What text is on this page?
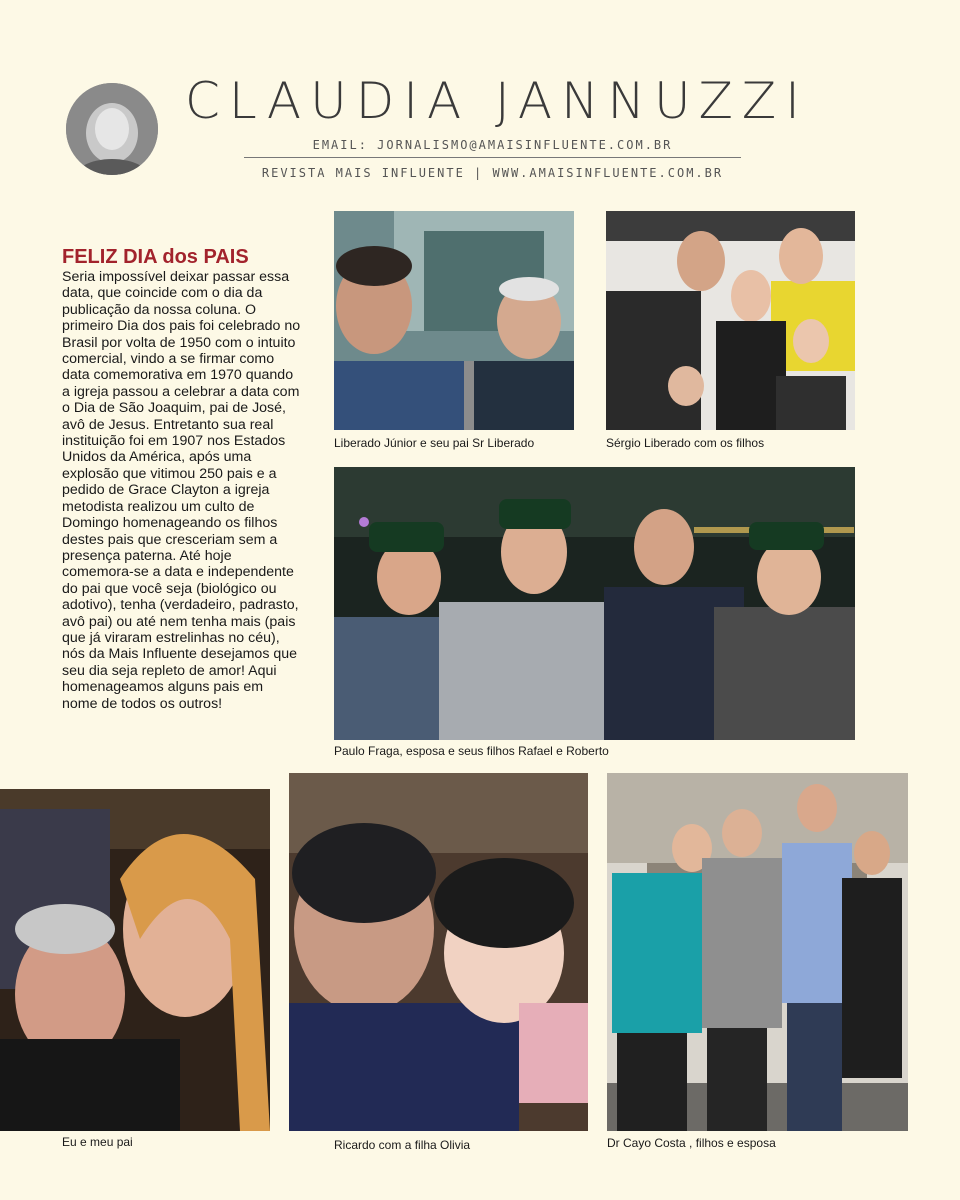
CLAUDIA JANNUZZI
EMAIL: JORNALISMO@AMAISINFLUENTE.COM.BR
REVISTA MAIS INFLUENTE | WWW.AMAISINFLUENTE.COM.BR
FELIZ DIA dos PAIS
Seria impossível deixar passar essa data, que coincide com o dia da publicação da nossa coluna. O primeiro Dia dos pais foi celebrado no Brasil por volta de 1950 com o intuito comercial, vindo a se firmar como data comemorativa em 1970 quando a igreja passou a celebrar a data com o Dia de São Joaquim, pai de José, avô de Jesus. Entretanto sua real instituição foi em 1907 nos Estados Unidos da América, após uma explosão que vitimou 250 pais e a pedido de Grace Clayton a igreja metodista realizou um culto de Domingo homenageando os filhos destes pais que cresceriam sem a presença paterna. Até hoje comemora-se a data e independente do pai que você seja (biológico ou adotivo), tenha (verdadeiro, padrasto, avô pai) ou até nem tenha mais (pais que já viraram estrelinhas no céu), nós da Mais Influente desejamos que seu dia seja repleto de amor! Aqui homenageamos alguns pais em nome de todos os outros!
Liberado Júnior e seu pai Sr Liberado	Sérgio Liberado com os filhos
Paulo Fraga, esposa e seus filhos Rafael e Roberto
Eu e meu pai	Ricardo com a filha Olivia	Dr Cayo Costa , filhos e esposa
